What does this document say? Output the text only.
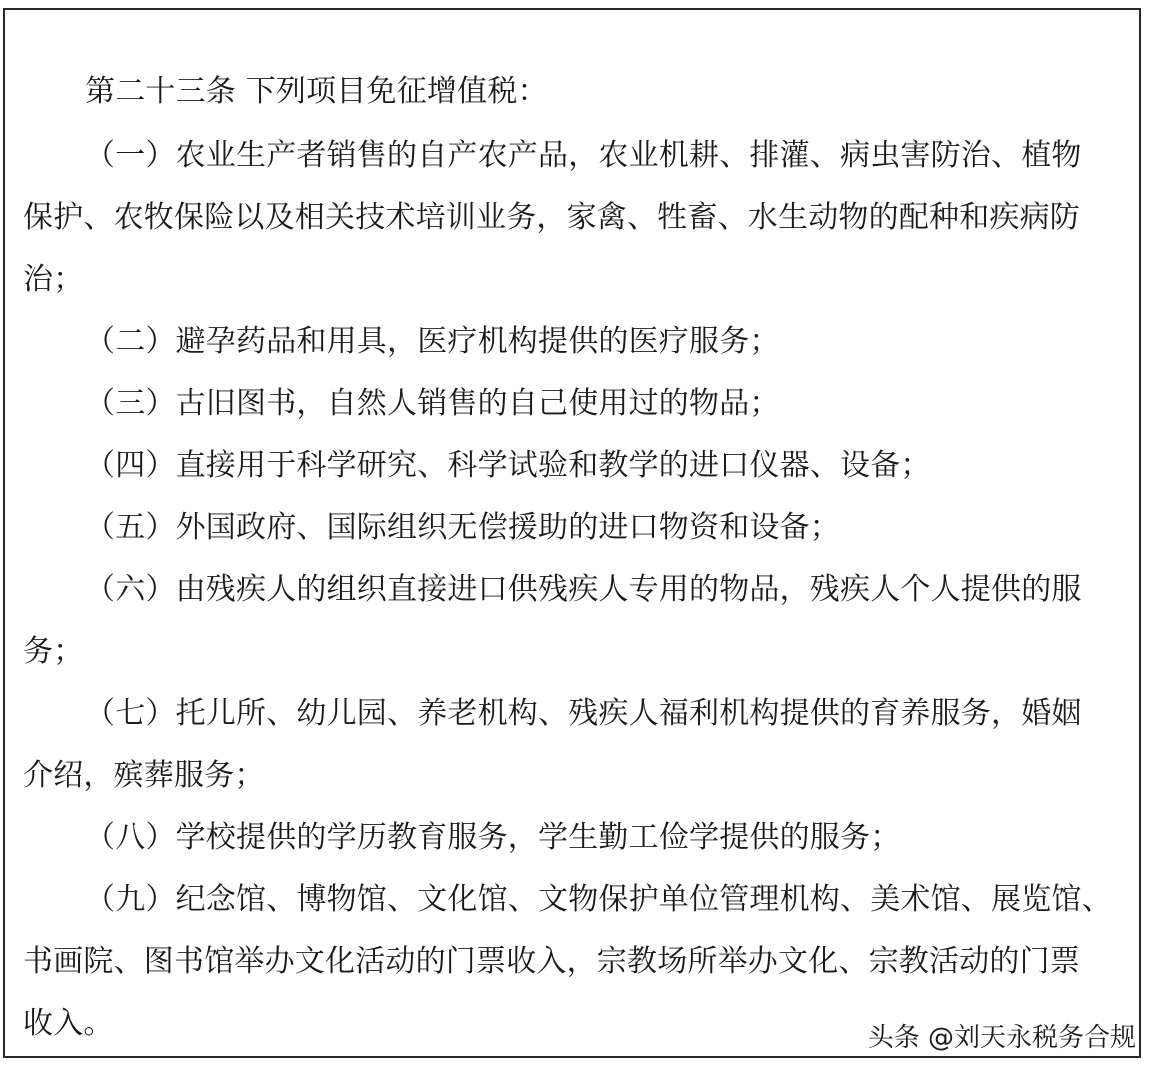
第二十三条 下列项目免征增值税：
（一）农业生产者销售的自产农产品，农业机耕、排灌、病虫害防治、植物
保护、农牧保险以及相关技术培训业务，家禽、牲畜、水生动物的配种和疾病防
治；
（二）避孕药品和用具，医疗机构提供的医疗服务；
（三）古旧图书，自然人销售的自己使用过的物品；
（四）直接用于科学研究、科学试验和教学的进口仪器、设备；
（五）外国政府、国际组织无偿援助的进口物资和设备；
（六）由残疾人的组织直接进口供残疾人专用的物品，残疾人个人提供的服
务；
（七）托儿所、幼儿园、养老机构、残疾人福利机构提供的育养服务，婚姻
介绍，殡葬服务；
（八）学校提供的学历教育服务，学生勤工俭学提供的服务；
（九）纪念馆、博物馆、文化馆、文物保护单位管理机构、美术馆、展览馆、
书画院、图书馆举办文化活动的门票收入，宗教场所举办文化、宗教活动的门票
收入。	头条 @刘天永税务合规
